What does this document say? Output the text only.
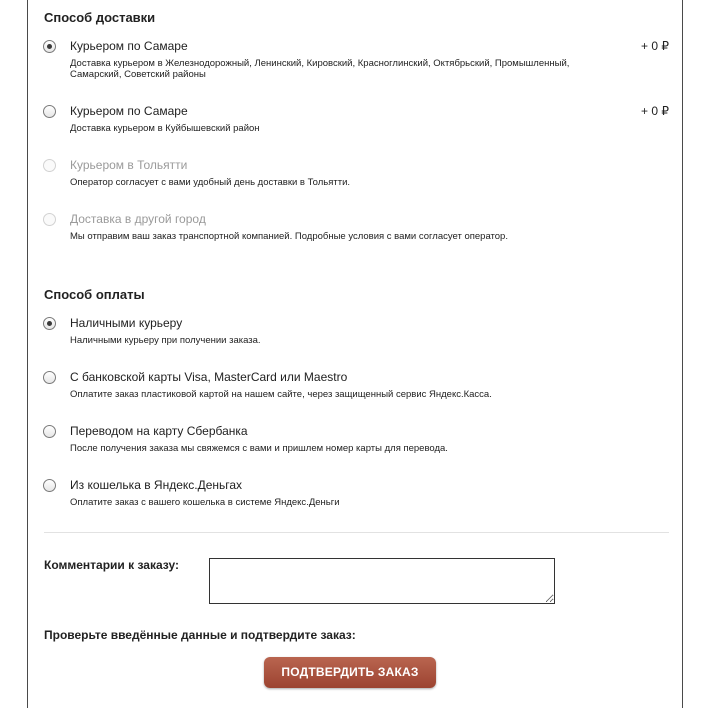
Способ доставки
Курьером по Самаре	+ 0 ₽
Доставка курьером в Железнодорожный, Ленинский, Кировский, Красноглинский, Октябрьский, Промышленный, Самарский, Советский районы
Курьером по Самаре	+ 0 ₽
Доставка курьером в Куйбышевский район
Курьером в Тольятти
Оператор согласует с вами удобный день доставки в Тольятти.
Доставка в другой город
Мы отправим ваш заказ транспортной компанией. Подробные условия с вами согласует оператор.
Способ оплаты
Наличными курьеру
Наличными курьеру при получении заказа.
С банковской карты Visa, MasterCard или Maestro
Оплатите заказ пластиковой картой на нашем сайте, через защищенный сервис Яндекс.Касса.
Переводом на карту Сбербанка
После получения заказа мы свяжемся с вами и пришлем номер карты для перевода.
Из кошелька в Яндекс.Деньгах
Оплатите заказ с вашего кошелька в системе Яндекс.Деньги
Комментарии к заказу:
Проверьте введённые данные и подтвердите заказ:
ПОДТВЕРДИТЬ ЗАКАЗ
